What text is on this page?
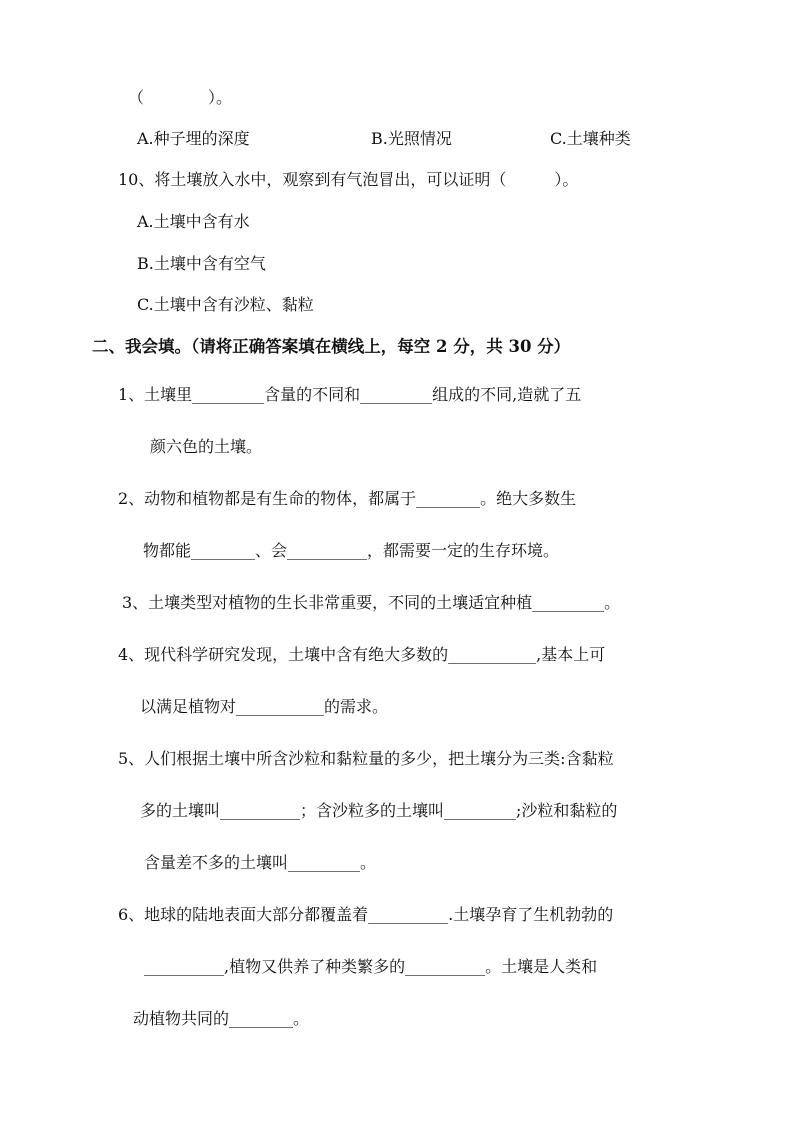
（　　　　）。
A.种子埋的深度	B.光照情况	C.土壤种类
10、将土壤放入水中，观察到有气泡冒出，可以证明（　　　）。
A.土壤中含有水
B.土壤中含有空气
C.土壤中含有沙粒、黏粒
二、我会填。（请将正确答案填在横线上，每空 2 分，共 30 分）
1、土壤里_________含量的不同和_________组成的不同,造就了五
颜六色的土壤。
2、动物和植物都是有生命的物体，都属于________。绝大多数生
物都能________、会__________，都需要一定的生存环境。
3、土壤类型对植物的生长非常重要，不同的土壤适宜种植_________。
4、现代科学研究发现，土壤中含有绝大多数的___________,基本上可
以满足植物对___________的需求。
5、人们根据土壤中所含沙粒和黏粒量的多少，把土壤分为三类:含黏粒
多的土壤叫__________；含沙粒多的土壤叫_________;沙粒和黏粒的
含量差不多的土壤叫_________。
6、地球的陆地表面大部分都覆盖着__________.土壤孕育了生机勃勃的
__________,植物又供养了种类繁多的__________。土壤是人类和
动植物共同的________。
